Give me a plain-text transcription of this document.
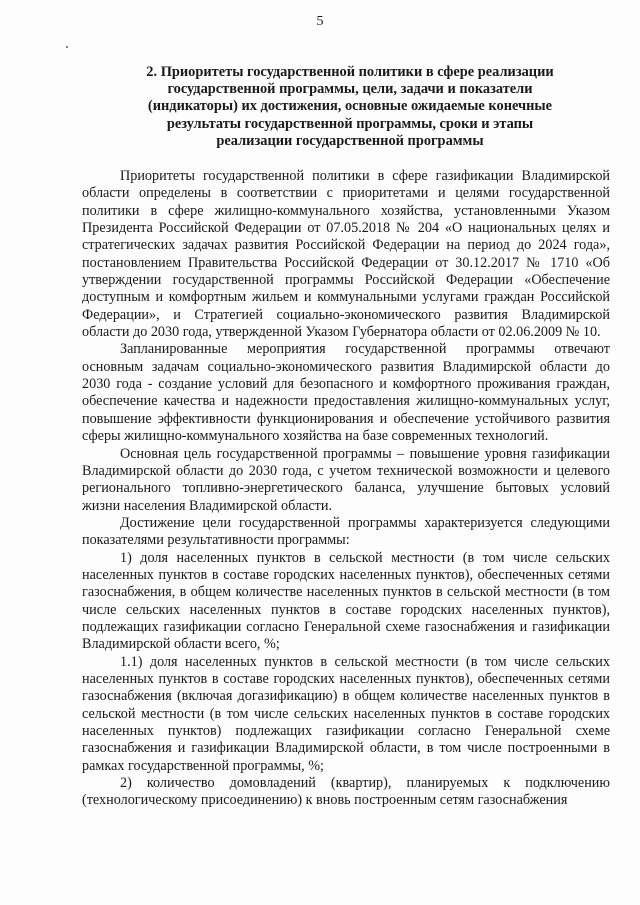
5
2. Приоритеты государственной политики в сфере реализации
государственной программы, цели, задачи и показатели
(индикаторы) их достижения, основные ожидаемые конечные
результаты государственной программы, сроки и этапы
реализации государственной программы

Приоритеты государственной политики в сфере газификации Владимирской области определены в соответствии с приоритетами и целями государственной политики в сфере жилищно-коммунального хозяйства, установленными Указом Президента Российской Федерации от 07.05.2018 № 204 «О национальных целях и стратегических задачах развития Российской Федерации на период до 2024 года», постановлением Правительства Российской Федерации от 30.12.2017 № 1710 «Об утверждении государственной программы Российской Федерации «Обеспечение доступным и комфортным жильем и коммунальными услугами граждан Российской Федерации», и Стратегией социально-экономического развития Владимирской области до 2030 года, утвержденной Указом Губернатора области от 02.06.2009 № 10.

Запланированные мероприятия государственной программы отвечают основным задачам социально-экономического развития Владимирской области до 2030 года - создание условий для безопасного и комфортного проживания граждан, обеспечение качества и надежности предоставления жилищно-коммунальных услуг, повышение эффективности функционирования и обеспечение устойчивого развития сферы жилищно-коммунального хозяйства на базе современных технологий.

Основная цель государственной программы – повышение уровня газификации Владимирской области до 2030 года, с учетом технической возможности и целевого регионального топливно-энергетического баланса, улучшение бытовых условий жизни населения Владимирской области.

Достижение цели государственной программы характеризуется следующими показателями результативности программы:

1) доля населенных пунктов в сельской местности (в том числе сельских населенных пунктов в составе городских населенных пунктов), обеспеченных сетями газоснабжения, в общем количестве населенных пунктов в сельской местности (в том числе сельских населенных пунктов в составе городских населенных пунктов), подлежащих газификации согласно Генеральной схеме газоснабжения и газификации Владимирской области всего, %;

1.1) доля населенных пунктов в сельской местности (в том числе сельских населенных пунктов в составе городских населенных пунктов), обеспеченных сетями газоснабжения (включая догазификацию) в общем количестве населенных пунктов в сельской местности (в том числе сельских населенных пунктов в составе городских населенных пунктов) подлежащих газификации согласно Генеральной схеме газоснабжения и газификации Владимирской области, в том числе построенными в рамках государственной программы, %;

2) количество домовладений (квартир), планируемых к подключению (технологическому присоединению) к вновь построенным сетям газоснабжения
